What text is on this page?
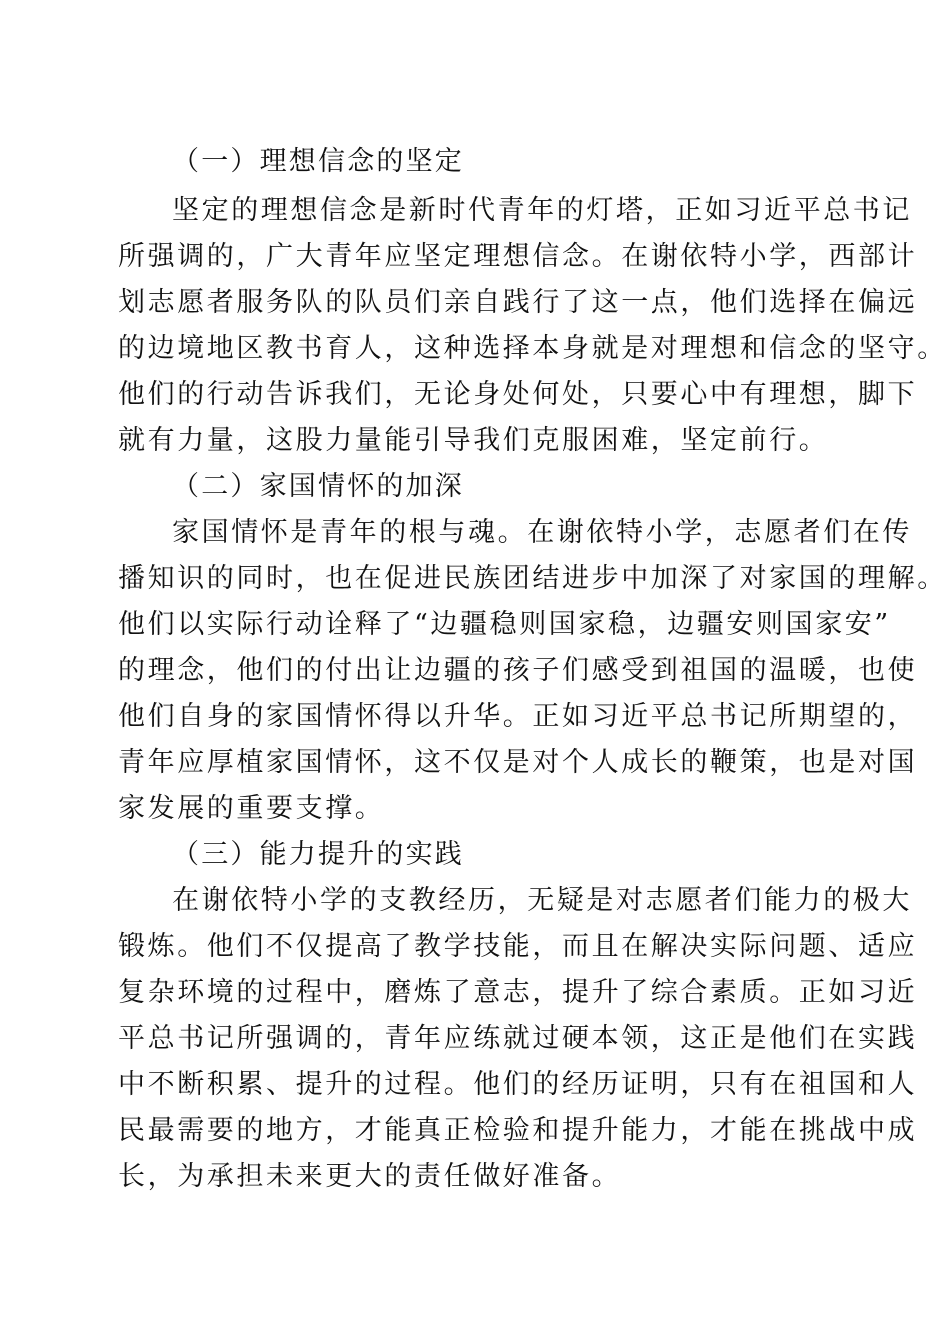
（一）理想信念的坚定
坚定的理想信念是新时代青年的灯塔，正如习近平总书记
所强调的，广大青年应坚定理想信念。在谢依特小学，西部计
划志愿者服务队的队员们亲自践行了这一点，他们选择在偏远
的边境地区教书育人，这种选择本身就是对理想和信念的坚守。
他们的行动告诉我们，无论身处何处，只要心中有理想，脚下
就有力量，这股力量能引导我们克服困难，坚定前行。
（二）家国情怀的加深
家国情怀是青年的根与魂。在谢依特小学，志愿者们在传
播知识的同时，也在促进民族团结进步中加深了对家国的理解。
他们以实际行动诠释了“边疆稳则国家稳，边疆安则国家安”
的理念，他们的付出让边疆的孩子们感受到祖国的温暖，也使
他们自身的家国情怀得以升华。正如习近平总书记所期望的，
青年应厚植家国情怀，这不仅是对个人成长的鞭策，也是对国
家发展的重要支撑。
（三）能力提升的实践
在谢依特小学的支教经历，无疑是对志愿者们能力的极大
锻炼。他们不仅提高了教学技能，而且在解决实际问题、适应
复杂环境的过程中，磨炼了意志，提升了综合素质。正如习近
平总书记所强调的，青年应练就过硬本领，这正是他们在实践
中不断积累、提升的过程。他们的经历证明，只有在祖国和人
民最需要的地方，才能真正检验和提升能力，才能在挑战中成
长，为承担未来更大的责任做好准备。
